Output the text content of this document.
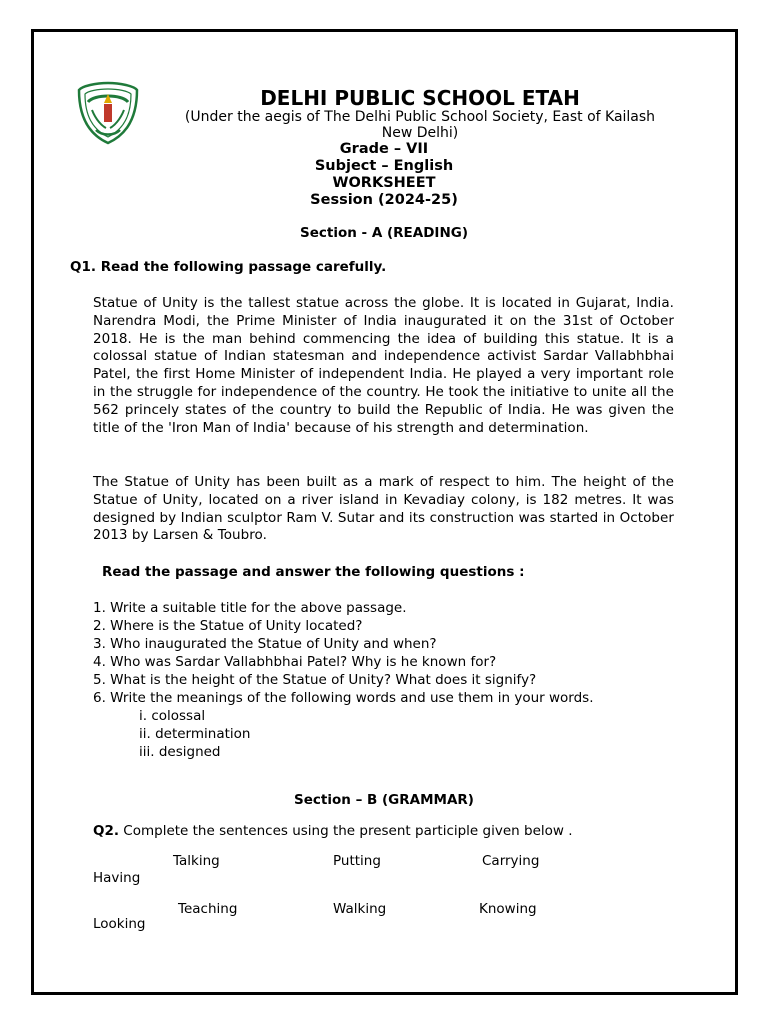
DELHI PUBLIC SCHOOL ETAH
(Under the aegis of The Delhi Public School Society, East of Kailash
New Delhi)
Grade – VII
Subject – English
WORKSHEET
Session (2024-25)
Section - A (READING)
Q1. Read the following passage carefully.
Statue of Unity is the tallest statue across the globe. It is located in Gujarat, India. Narendra Modi, the Prime Minister of India inaugurated it on the 31st of October 2018. He is the man behind commencing the idea of building this statue. It is a colossal statue of Indian statesman and independence activist Sardar Vallabhbhai Patel, the first Home Minister of independent India. He played a very important role in the struggle for independence of the country. He took the initiative to unite all the 562 princely states of the country to build the Republic of India. He was given the title of the 'Iron Man of India' because of his strength and determination.
The Statue of Unity has been built as a mark of respect to him. The height of the Statue of Unity, located on a river island in Kevadiay colony, is 182 metres. It was designed by Indian sculptor Ram V. Sutar and its construction was started in October 2013 by Larsen & Toubro.
Read the passage and answer the following questions :
1. Write a suitable title for the above passage.
2. Where is the Statue of Unity located?
3. Who inaugurated the Statue of Unity and when?
4. Who was Sardar Vallabhbhai Patel? Why is he known for?
5. What is the height of the Statue of Unity? What does it signify?
6. Write the meanings of the following words and use them in your words.
i. colossal
ii. determination
iii. designed
Section – B (GRAMMAR)
Q2. Complete the sentences using the present participle given below .
Talking	Putting	Carrying
Having
Teaching	Walking	Knowing
Looking
